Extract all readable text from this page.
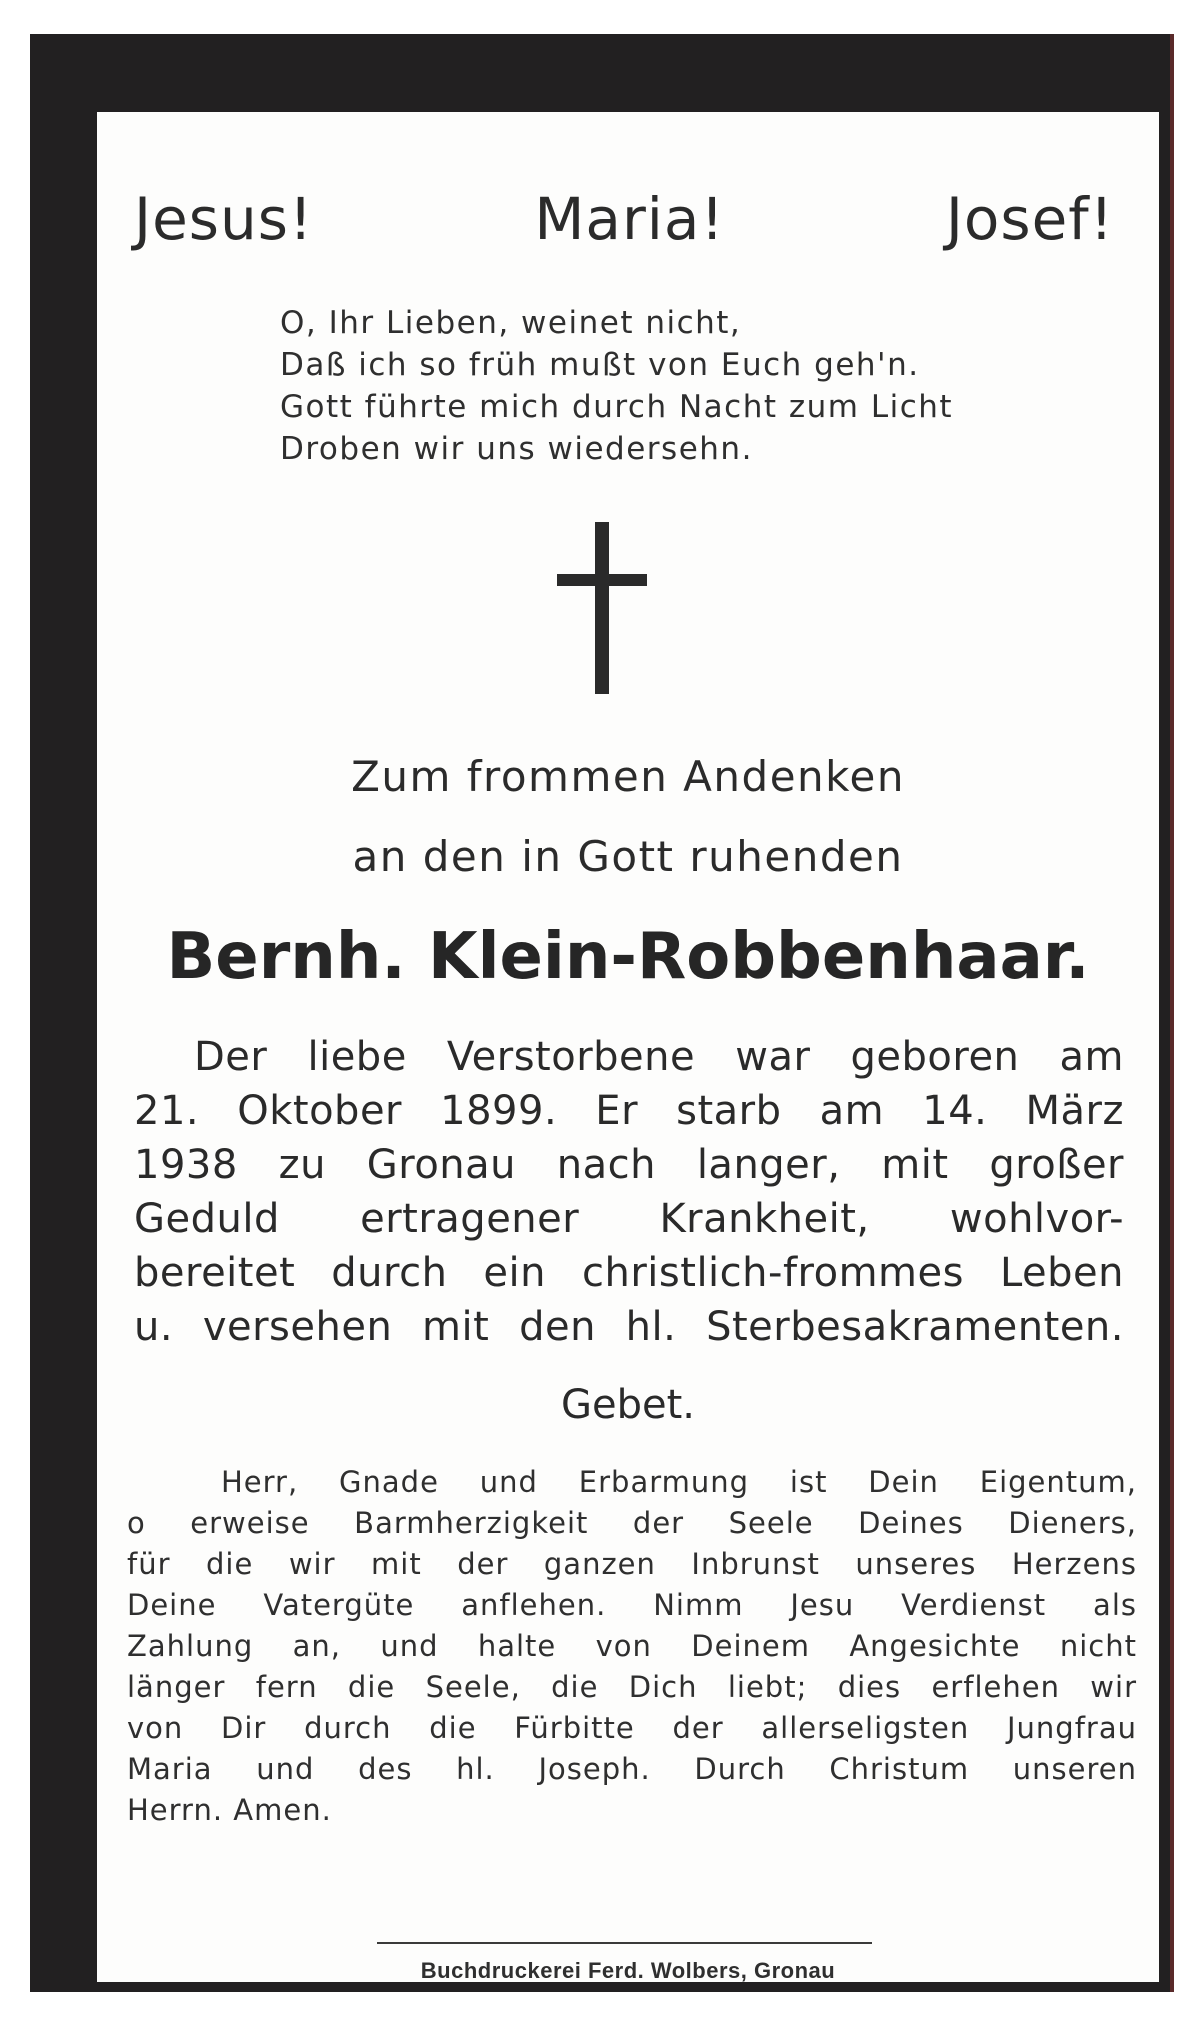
Jesus!	Maria!	Josef!
O, Ihr Lieben, weinet nicht,
Daß ich so früh mußt von Euch geh'n.
Gott führte mich durch Nacht zum Licht
Droben wir uns wiedersehn.
Zum frommen Andenken
an den in Gott ruhenden
Bernh. Klein-Robbenhaar.
Der liebe Verstorbene war geboren am
21. Oktober 1899. Er starb am 14. März
1938 zu Gronau nach langer, mit großer
Geduld ertragener Krankheit, wohlvor-
bereitet durch ein christlich-frommes Leben
u. versehen mit den hl. Sterbesakramenten.
Gebet.
Herr, Gnade und Erbarmung ist Dein Eigentum,
o erweise Barmherzigkeit der Seele Deines Dieners,
für die wir mit der ganzen Inbrunst unseres Herzens
Deine Vatergüte anflehen. Nimm Jesu Verdienst als
Zahlung an, und halte von Deinem Angesichte nicht
länger fern die Seele, die Dich liebt; dies erflehen wir
von Dir durch die Fürbitte der allerseligsten Jungfrau
Maria und des hl. Joseph. Durch Christum unseren
Herrn. Amen.
Buchdruckerei Ferd. Wolbers, Gronau
